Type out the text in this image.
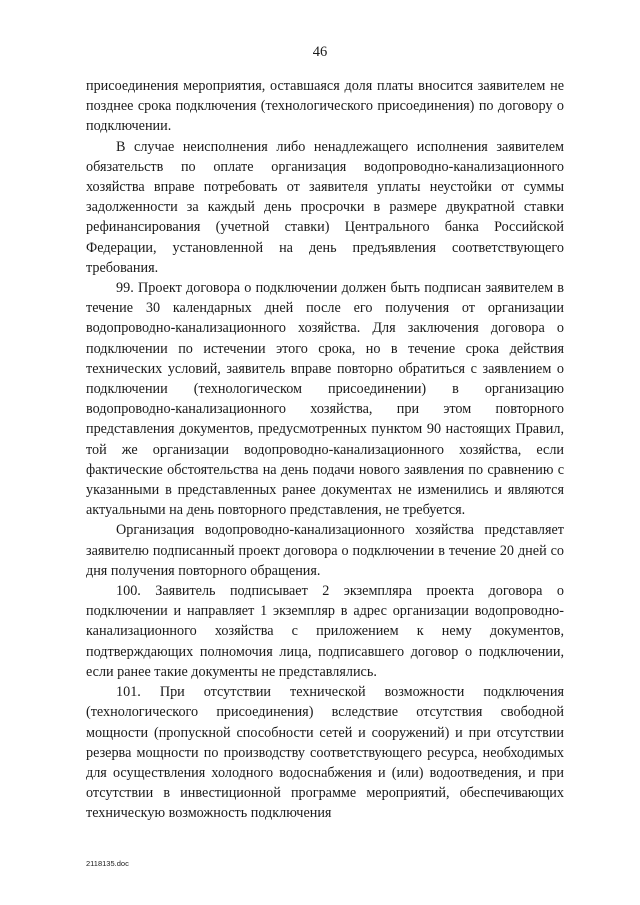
46

присоединения мероприятия, оставшаяся доля платы вносится заявителем не позднее срока подключения (технологического присоединения) по договору о подключении.

В случае неисполнения либо ненадлежащего исполнения заявителем обязательств по оплате организация водопроводно-канализационного хозяйства вправе потребовать от заявителя уплаты неустойки от суммы задолженности за каждый день просрочки в размере двукратной ставки рефинансирования (учетной ставки) Центрального банка Российской Федерации, установленной на день предъявления соответствующего требования.

99. Проект договора о подключении должен быть подписан заявителем в течение 30 календарных дней после его получения от организации водопроводно-канализационного хозяйства. Для заключения договора о подключении по истечении этого срока, но в течение срока действия технических условий, заявитель вправе повторно обратиться с заявлением о подключении (технологическом присоединении) в организацию водопроводно-канализационного хозяйства, при этом повторного представления документов, предусмотренных пунктом 90 настоящих Правил, той же организации водопроводно-канализационного хозяйства, если фактические обстоятельства на день подачи нового заявления по сравнению с указанными в представленных ранее документах не изменились и являются актуальными на день повторного представления, не требуется.

Организация водопроводно-канализационного хозяйства представляет заявителю подписанный проект договора о подключении в течение 20 дней со дня получения повторного обращения.

100. Заявитель подписывает 2 экземпляра проекта договора о подключении и направляет 1 экземпляр в адрес организации водопроводно-канализационного хозяйства с приложением к нему документов, подтверждающих полномочия лица, подписавшего договор о подключении, если ранее такие документы не представлялись.

101. При отсутствии технической возможности подключения (технологического присоединения) вследствие отсутствия свободной мощности (пропускной способности сетей и сооружений) и при отсутствии резерва мощности по производству соответствующего ресурса, необходимых для осуществления холодного водоснабжения и (или) водоотведения, и при отсутствии в инвестиционной программе мероприятий, обеспечивающих техническую возможность подключения

2118135.doc
